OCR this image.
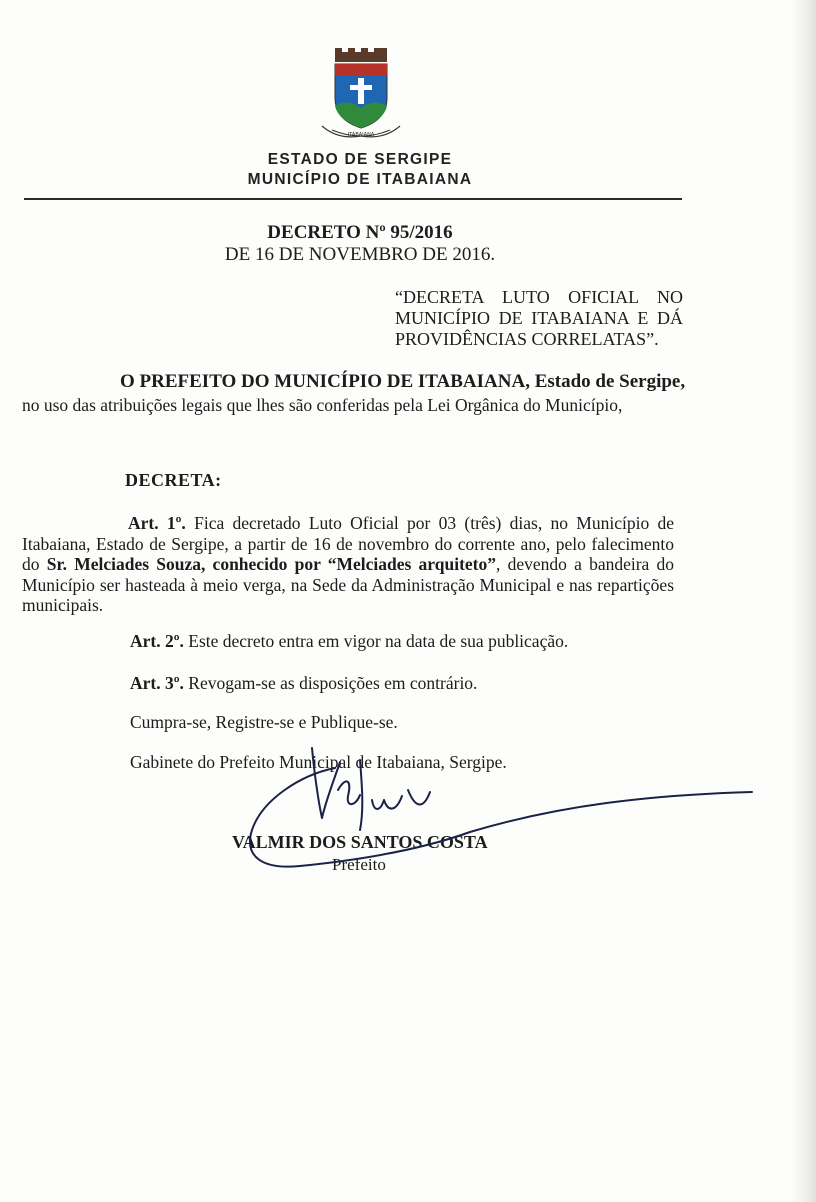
ITABAIANA
ESTADO DE SERGIPE
MUNICÍPIO DE ITABAIANA
DECRETO Nº 95/2016
DE 16 DE NOVEMBRO DE 2016.
“DECRETA LUTO OFICIAL NO MUNICÍPIO DE ITABAIANA E DÁ PROVIDÊNCIAS CORRELATAS”.
O PREFEITO DO MUNICÍPIO DE ITABAIANA, Estado de Sergipe,
no uso das atribuições legais que lhes são conferidas pela Lei Orgânica do Município,
DECRETA:
Art. 1º. Fica decretado Luto Oficial por 03 (três) dias, no Município de Itabaiana, Estado de Sergipe, a partir de 16 de novembro do corrente ano, pelo falecimento do Sr. Melciades Souza, conhecido por “Melciades arquiteto”, devendo a bandeira do Município ser hasteada à meio verga, na Sede da Administração Municipal e nas repartições municipais.
Art. 2º. Este decreto entra em vigor na data de sua publicação.
Art. 3º. Revogam-se as disposições em contrário.
Cumpra-se, Registre-se e Publique-se.
Gabinete do Prefeito Municipal de Itabaiana, Sergipe.
VALMIR DOS SANTOS COSTA
Prefeito
